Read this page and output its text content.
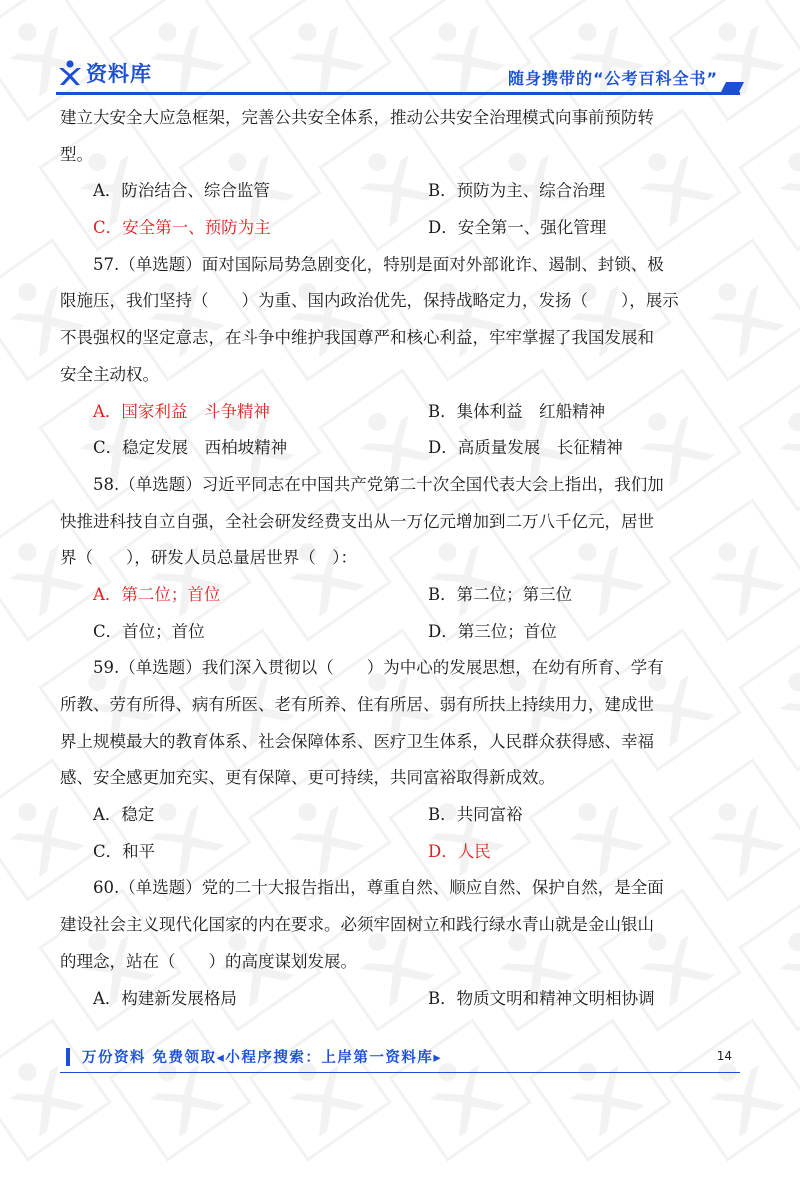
资料库	随身携带的“公考百科全书”
建立大安全大应急框架，完善公共安全体系，推动公共安全治理模式向事前预防转
型。
A．防治结合、综合监管	B．预防为主、综合治理
C．安全第一、预防为主	D．安全第一、强化管理
57.（单选题）面对国际局势急剧变化，特别是面对外部讹诈、遏制、封锁、极
限施压，我们坚持（　　）为重、国内政治优先，保持战略定力，发扬（　　），展示
不畏强权的坚定意志，在斗争中维护我国尊严和核心利益，牢牢掌握了我国发展和
安全主动权。
A．国家利益　斗争精神	B．集体利益　红船精神
C．稳定发展　西柏坡精神	D．高质量发展　长征精神
58.（单选题）习近平同志在中国共产党第二十次全国代表大会上指出，我们加
快推进科技自立自强，全社会研发经费支出从一万亿元增加到二万八千亿元，居世
界（　　），研发人员总量居世界（　）：
A．第二位；首位	B．第二位；第三位
C．首位；首位	D．第三位；首位
59.（单选题）我们深入贯彻以（　　）为中心的发展思想，在幼有所育、学有
所教、劳有所得、病有所医、老有所养、住有所居、弱有所扶上持续用力，建成世
界上规模最大的教育体系、社会保障体系、医疗卫生体系，人民群众获得感、幸福
感、安全感更加充实、更有保障、更可持续，共同富裕取得新成效。
A．稳定	B．共同富裕
C．和平	D．人民
60.（单选题）党的二十大报告指出，尊重自然、顺应自然、保护自然，是全面
建设社会主义现代化国家的内在要求。必须牢固树立和践行绿水青山就是金山银山
的理念，站在（　　）的高度谋划发展。
A．构建新发展格局	B．物质文明和精神文明相协调
万份资料 免费领取◂小程序搜索：上岸第一资料库▸	14
